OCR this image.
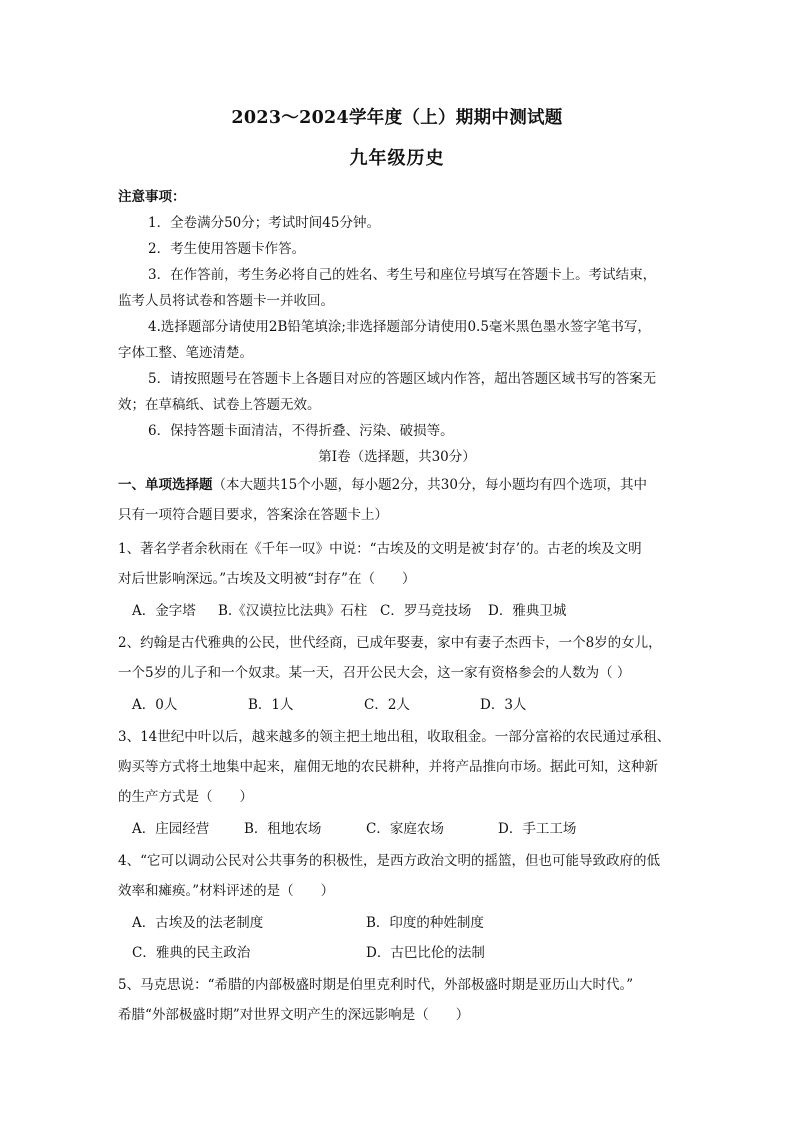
2023～2024学年度（上）期期中测试题
九年级历史
注意事项：
1．全卷满分50分；考试时间45分钟。
2．考生使用答题卡作答。
3．在作答前，考生务必将自己的姓名、考生号和座位号填写在答题卡上。考试结束，
监考人员将试卷和答题卡一并收回。
4.选择题部分请使用2B铅笔填涂;非选择题部分请使用0.5毫米黑色墨水签字笔书写，
字体工整、笔迹清楚。
5．请按照题号在答题卡上各题目对应的答题区域内作答，超出答题区域书写的答案无
效；在草稿纸、试卷上答题无效。
6．保持答题卡面清洁，不得折叠、污染、破损等。
第Ⅰ卷（选择题，共30分）
一、单项选择题（本大题共15个小题，每小题2分，共30分，每小题均有四个选项，其中
只有一项符合题目要求，答案涂在答题卡上）
1、著名学者余秋雨在《千年一叹》中说：“古埃及的文明是被‘封存’的。古老的埃及文明
对后世影响深远。”古埃及文明被“封存”在（　　）
A．金字塔 B.《汉谟拉比法典》石柱 C．罗马竞技场 D．雅典卫城
2、约翰是古代雅典的公民，世代经商，已成年娶妻，家中有妻子杰西卡，一个8岁的女儿，
一个5岁的儿子和一个奴隶。某一天，召开公民大会，这一家有资格参会的人数为（ ）
A．0人	B．1人	C．2人	D．3人
3、14世纪中叶以后，越来越多的领主把土地出租，收取租金。一部分富裕的农民通过承租、
购买等方式将土地集中起来，雇佣无地的农民耕种，并将产品推向市场。据此可知，这种新
的生产方式是（　　）
A．庄园经营	B．租地农场	C．家庭农场	D．手工工场
4、“它可以调动公民对公共事务的积极性，是西方政治文明的摇篮，但也可能导致政府的低
效率和瘫痪。”材料评述的是（　　）
A．古埃及的法老制度	B．印度的种姓制度
C．雅典的民主政治	D．古巴比伦的法制
5、马克思说：“希腊的内部极盛时期是伯里克利时代，外部极盛时期是亚历山大时代。”
希腊“外部极盛时期”对世界文明产生的深远影响是（　　）
